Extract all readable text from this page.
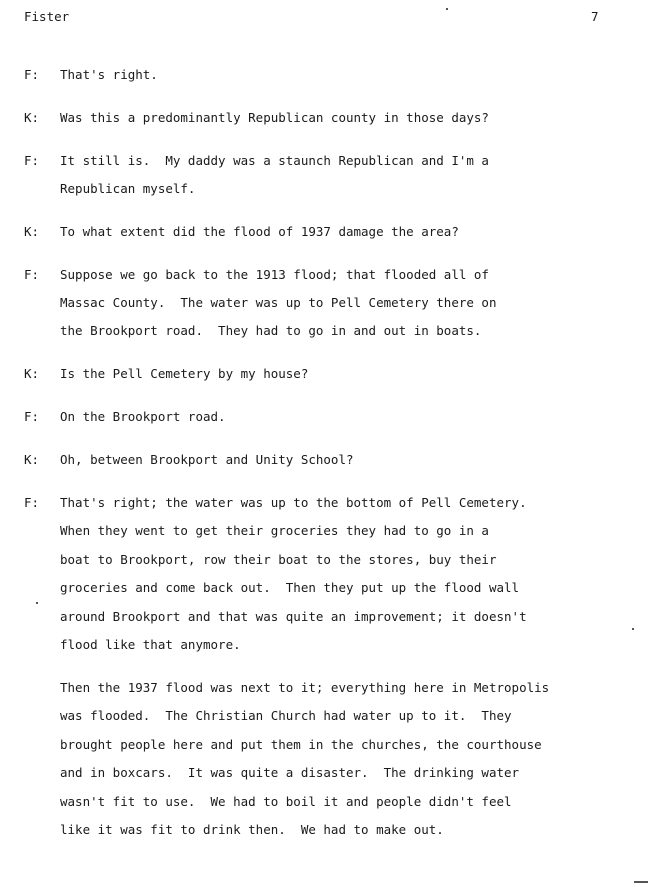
Fister	7
F: That's right.
K: Was this a predominantly Republican county in those days?
F: It still is.  My daddy was a staunch Republican and I'm a
Republican myself.
K: To what extent did the flood of 1937 damage the area?
F: Suppose we go back to the 1913 flood; that flooded all of
Massac County.  The water was up to Pell Cemetery there on
the Brookport road.  They had to go in and out in boats.
K: Is the Pell Cemetery by my house?
F: On the Brookport road.
K: Oh, between Brookport and Unity School?
F: That's right; the water was up to the bottom of Pell Cemetery.
When they went to get their groceries they had to go in a
boat to Brookport, row their boat to the stores, buy their
groceries and come back out.  Then they put up the flood wall
around Brookport and that was quite an improvement; it doesn't
flood like that anymore.
Then the 1937 flood was next to it; everything here in Metropolis
was flooded.  The Christian Church had water up to it.  They
brought people here and put them in the churches, the courthouse
and in boxcars.  It was quite a disaster.  The drinking water
wasn't fit to use.  We had to boil it and people didn't feel
like it was fit to drink then.  We had to make out.
